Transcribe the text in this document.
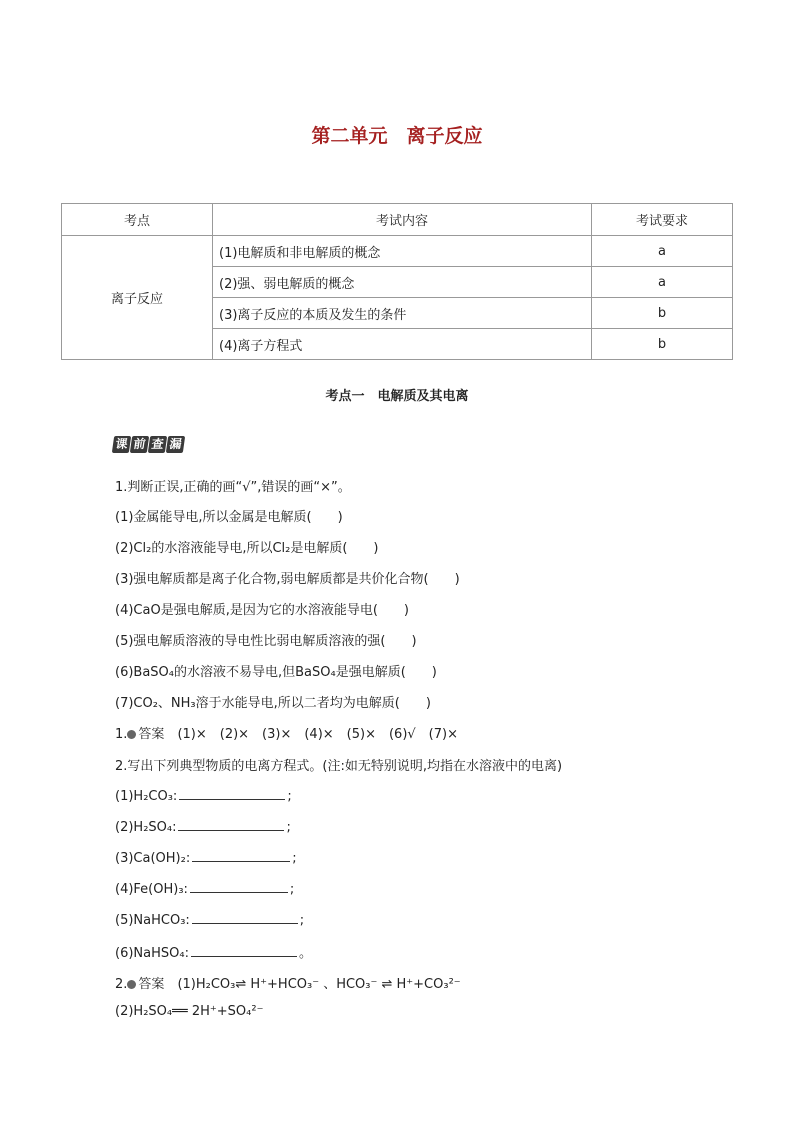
第二单元　离子反应
考点	考试内容	考试要求
离子反应	(1)电解质和非电解质的概念	a
	(2)强、弱电解质的概念	a
	(3)离子反应的本质及发生的条件	b
	(4)离子方程式	b
考点一　电解质及其电离
课 前 查 漏
1.判断正误,正确的画“√”,错误的画“×”。
(1)金属能导电,所以金属是电解质(　　)
(2)Cl₂的水溶液能导电,所以Cl₂是电解质(　　)
(3)强电解质都是离子化合物,弱电解质都是共价化合物(　　)
(4)CaO是强电解质,是因为它的水溶液能导电(　　)
(5)强电解质溶液的导电性比弱电解质溶液的强(　　)
(6)BaSO₄的水溶液不易导电,但BaSO₄是强电解质(　　)
(7)CO₂、NH₃溶于水能导电,所以二者均为电解质(　　)
1. 答案　 (1)×　(2)×　(3)×　(4)×　(5)×　(6)√　(7)×
2.写出下列典型物质的电离方程式。(注:如无特别说明,均指在水溶液中的电离)
(1)H₂CO₃:	;
(2)H₂SO₄:	;
(3)Ca(OH)₂:	;
(4)Fe(OH)₃:	;
(5)NaHCO₃:	;
(6)NaHSO₄:	。
2. 答案　 (1)H₂CO₃⇌ H⁺+HCO₃⁻ 、HCO₃⁻ ⇌ H⁺+CO₃²⁻
(2)H₂SO₄══ 2H⁺+SO₄²⁻
